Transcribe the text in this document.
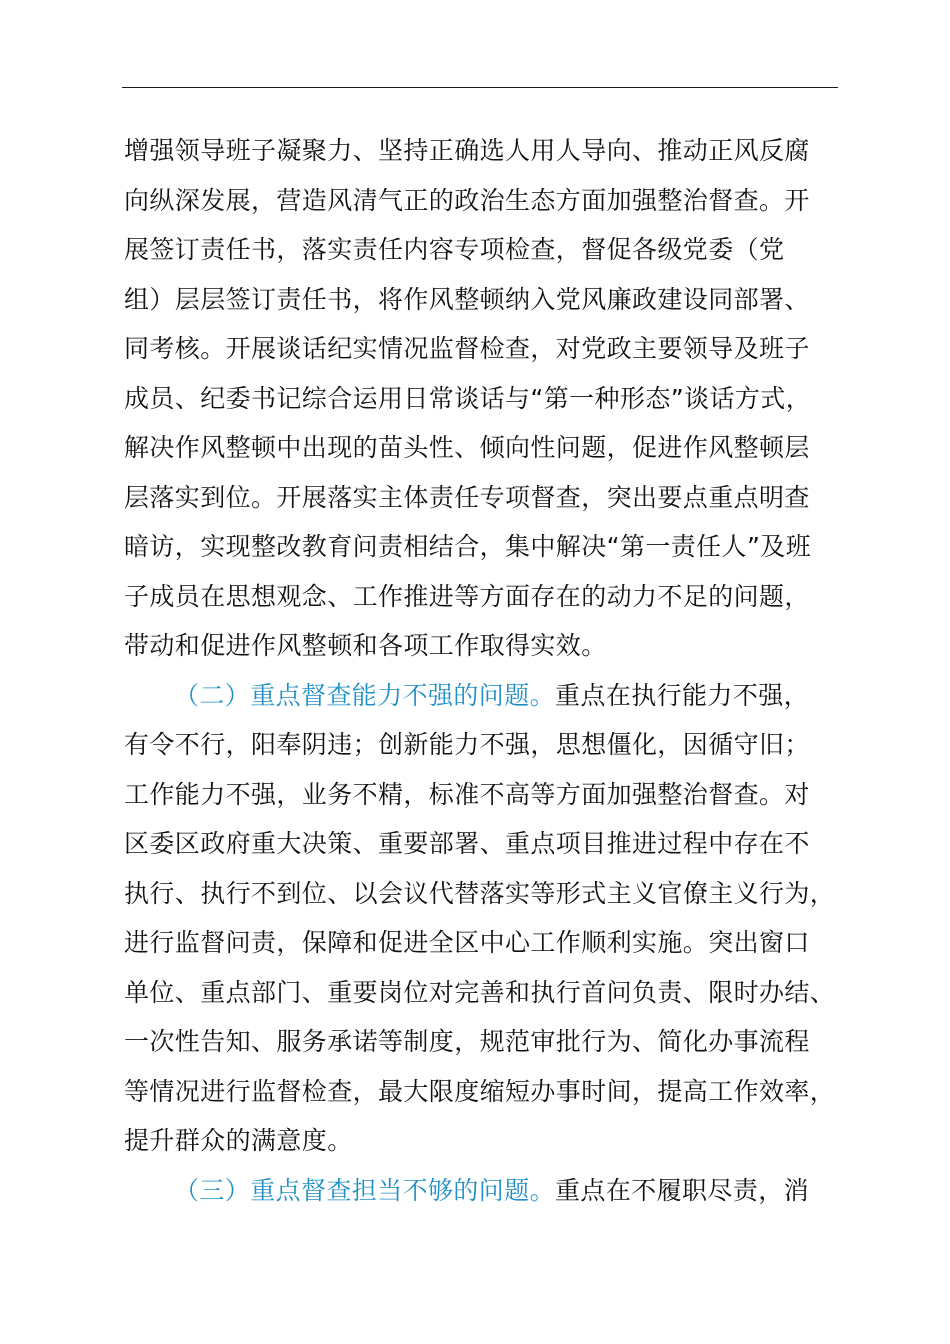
增强领导班子凝聚力、坚持正确选人用人导向、推动正风反腐
向纵深发展，营造风清气正的政治生态方面加强整治督查。开
展签订责任书，落实责任内容专项检查，督促各级党委（党
组）层层签订责任书，将作风整顿纳入党风廉政建设同部署、
同考核。开展谈话纪实情况监督检查，对党政主要领导及班子
成员、纪委书记综合运用日常谈话与“第一种形态”谈话方式，
解决作风整顿中出现的苗头性、倾向性问题，促进作风整顿层
层落实到位。开展落实主体责任专项督查，突出要点重点明查
暗访，实现整改教育问责相结合，集中解决“第一责任人”及班
子成员在思想观念、工作推进等方面存在的动力不足的问题，
带动和促进作风整顿和各项工作取得实效。
（二）重点督查能力不强的问题。重点在执行能力不强，
有令不行，阳奉阴违；创新能力不强，思想僵化，因循守旧；
工作能力不强，业务不精，标准不高等方面加强整治督查。对
区委区政府重大决策、重要部署、重点项目推进过程中存在不
执行、执行不到位、以会议代替落实等形式主义官僚主义行为，
进行监督问责，保障和促进全区中心工作顺利实施。突出窗口
单位、重点部门、重要岗位对完善和执行首问负责、限时办结、
一次性告知、服务承诺等制度，规范审批行为、简化办事流程
等情况进行监督检查，最大限度缩短办事时间，提高工作效率，
提升群众的满意度。
（三）重点督查担当不够的问题。重点在不履职尽责，消
